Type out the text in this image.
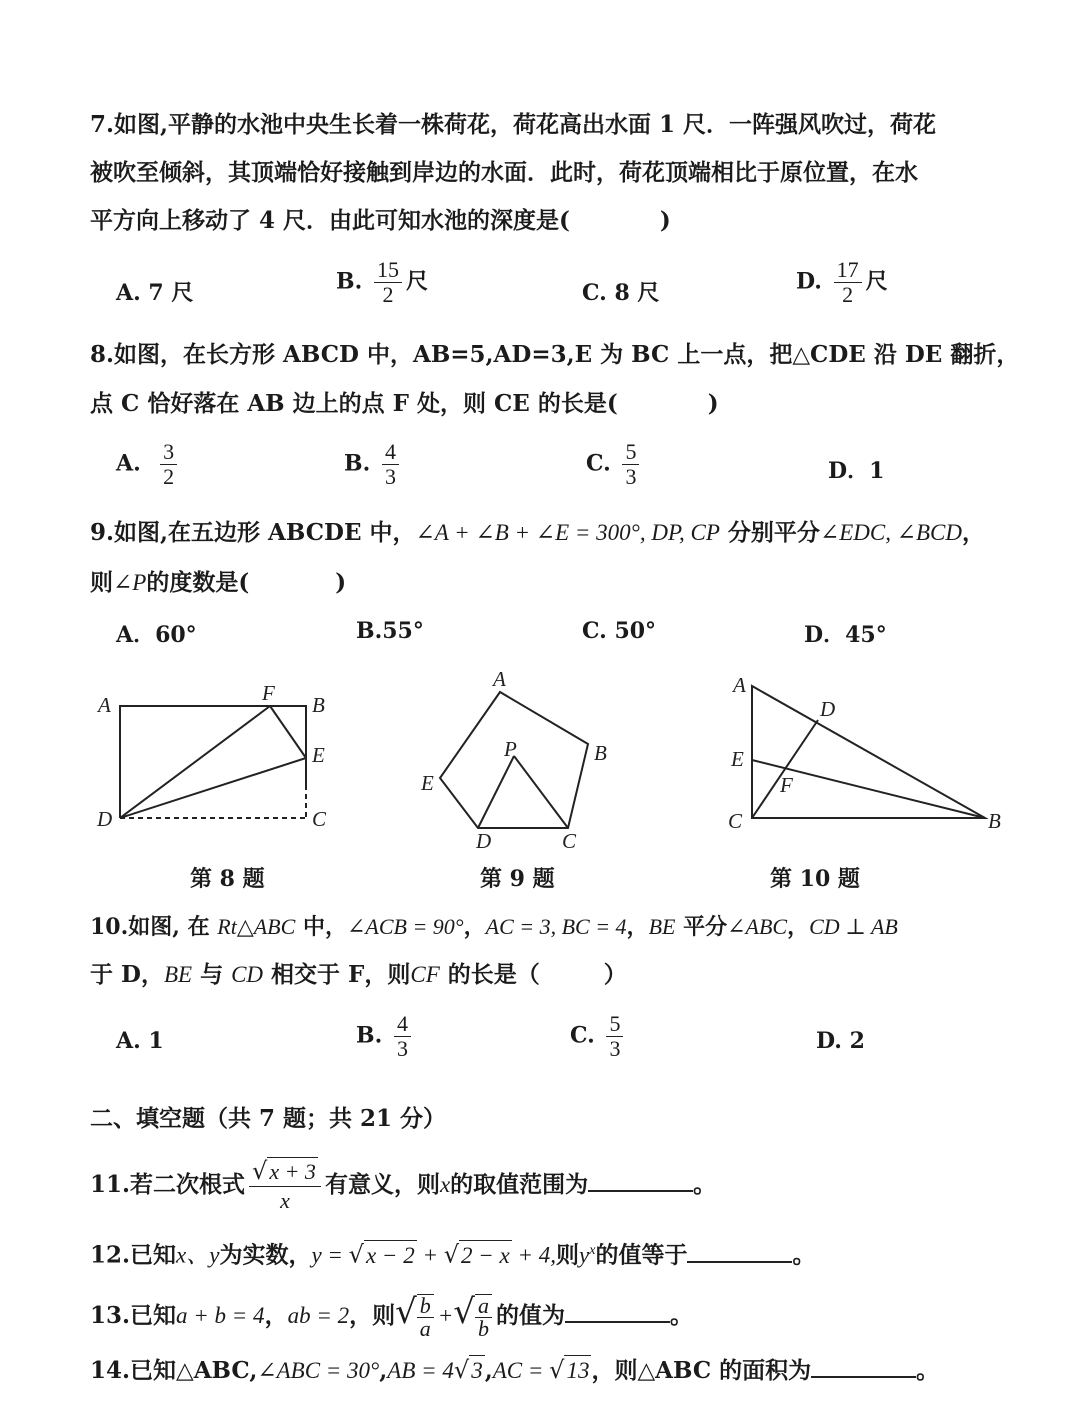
7.如图,平静的水池中央生长着一株荷花，荷花高出水面 1 尺．一阵强风吹过，荷花
被吹至倾斜，其顶端恰好接触到岸边的水面．此时，荷花顶端相比于原位置，在水
平方向上移动了 4 尺．由此可知水池的深度是(	)
A. 7 尺	B. $\frac{15}{2}$ 尺	C. 8 尺	D. $\frac{17}{2}$ 尺
8.如图，在长方形 ABCD 中，AB=5,AD=3,E 为 BC 上一点，把△CDE 沿 DE 翻折，
点 C 恰好落在 AB 边上的点 F 处，则 CE 的长是(	)
A. $\frac{3}{2}$	B. $\frac{4}{3}$	C. $\frac{5}{3}$	D．1
9.如图,在五边形 ABCDE 中，∠A + ∠B + ∠E = 300°, DP, CP 分别平分∠EDC, ∠BCD，
则∠P的度数是(	)
A．60°	B.55°	C. 50°	D．45°
A	F B
E
D	C
A
B
E
P
D	C
A
D
E
F
C	B
第 8 题	第 9 题	第 10 题
10.如图, 在 Rt△ABC 中，∠ACB = 90°，AC = 3, BC = 4，BE 平分∠ABC，CD ⊥ AB
于 D，BE 与 CD 相交于 F，则CF 的长是（	）
A. 1	B. $\frac{4}{3}$	C. $\frac{5}{3}$	D. 2
二、填空题（共 7 题；共 21 分）
11.若二次根式 $\frac{√x + 3}{x}$ 有意义，则x的取值范围为	。
12.已知x、y为实数，y = √x − 2 + √2 − x + 4,则$y^x$的值等于	。
13.已知a + b = 4，ab = 2，则√ $\frac{b}{a}$ +√ $\frac{a}{b}$ 的值为	。
14.已知△ABC,∠ABC = 30°,AB = 4√3,AC = √13，则△ABC 的面积为	。
